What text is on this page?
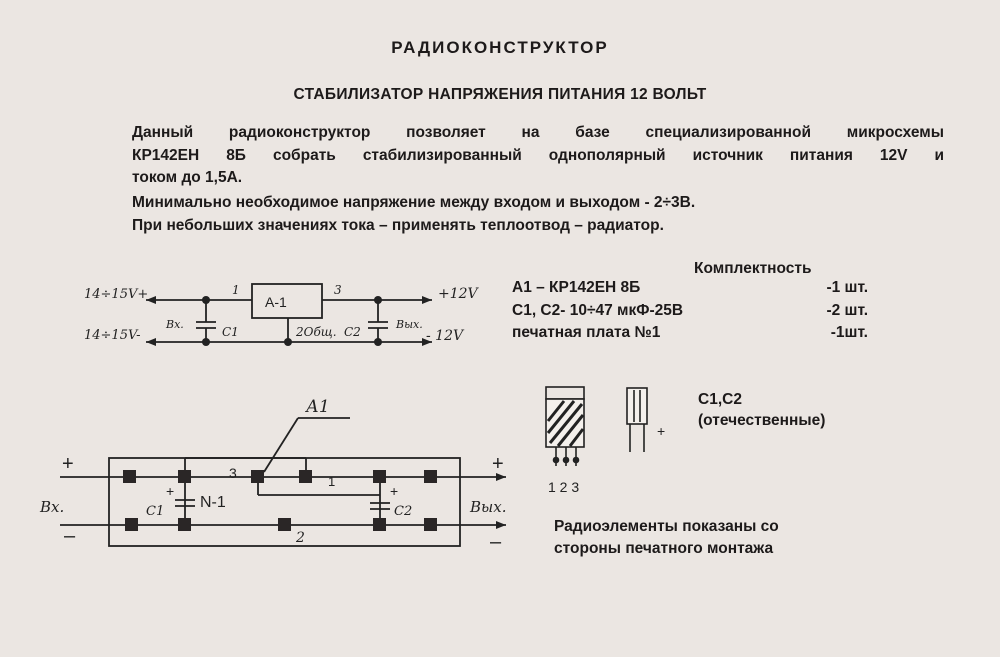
РАДИОКОНСТРУКТОР
СТАБИЛИЗАТОР НАПРЯЖЕНИЯ ПИТАНИЯ 12 ВОЛЬТ
Данный радиоконструктор позволяет на базе специализированной микросхемы
КР142ЕН 8Б собрать стабилизированный однополярный источник питания 12V и
током до 1,5А.
Минимально необходимое напряжение между входом и выходом - 2÷3В.
При небольших значениях тока – применять теплоотвод – радиатор.
Комплектность
А1 – КР142ЕН 8Б	-1 шт.
С1, С2- 10÷47 мкФ-25В	-2 шт.
печатная плата №1	-1шт.
С1,С2
(отечественные)
Радиоэлементы показаны со
стороны печатного монтажа
14÷15V+
14÷15V-
+12V
- 12V
А-1
1	3
Вх.	Вых.
С1	2Общ. С2
А1
+	+
–	–
Вх.	Вых.
С1	С2
N-1
3
1
2
+	+	1 2 3
+
